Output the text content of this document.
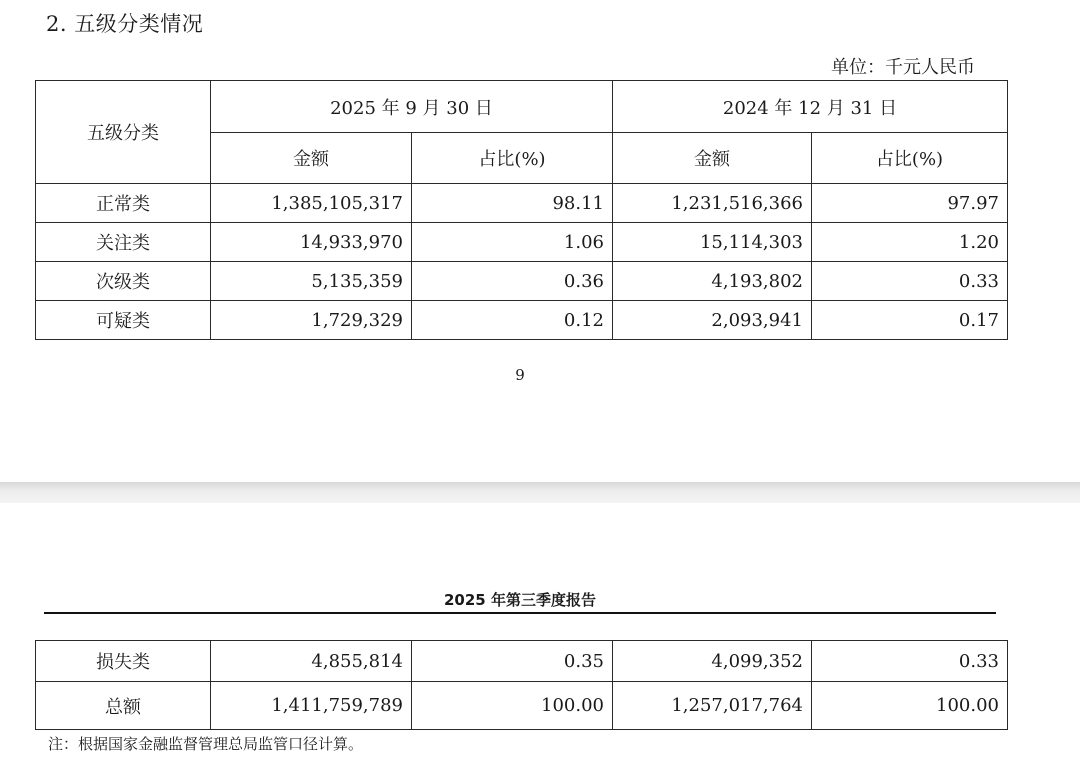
2. 五级分类情况
单位：千元人民币
五级分类	2025 年 9 月 30 日		2024 年 12 月 31 日	
	金额	占比(%)	金额	占比(%)
正常类	1,385,105,317	98.11	1,231,516,366	97.97
关注类	14,933,970	1.06	15,114,303	1.20
次级类	5,135,359	0.36	4,193,802	0.33
可疑类	1,729,329	0.12	2,093,941	0.17
9
2025 年第三季度报告
损失类	4,855,814	0.35	4,099,352	0.33
总额	1,411,759,789	100.00	1,257,017,764	100.00
注：根据国家金融监督管理总局监管口径计算。
